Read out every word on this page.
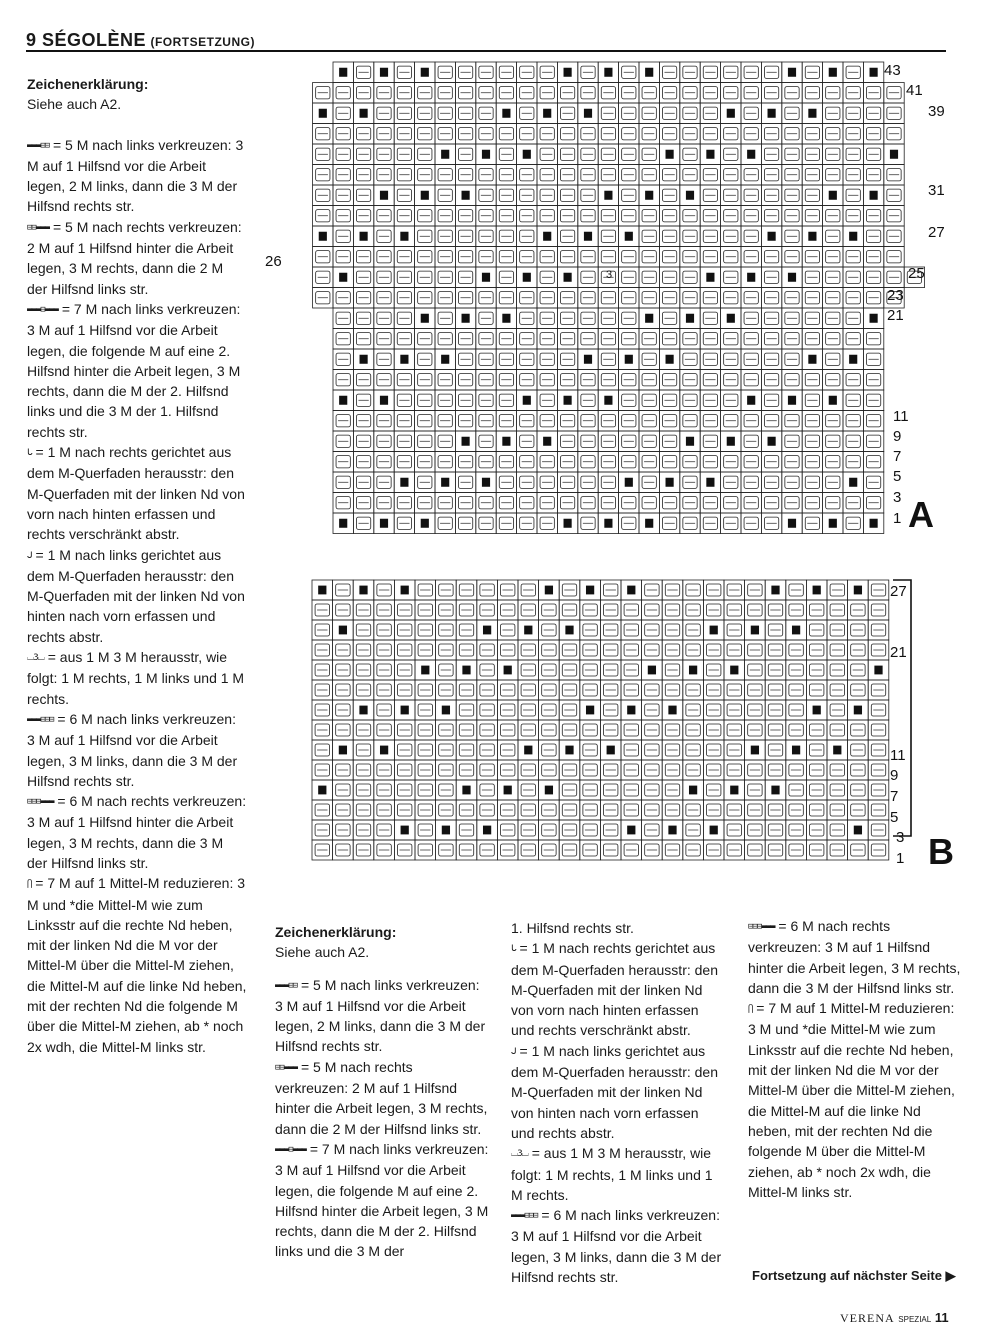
9 SÉGOLÈNE (FORTSETZUNG)

Zeichenerklärung:

Siehe auch A2.

▬▬▬⊟⊟ = 5 M nach links verkreuzen: 3 M auf 1 Hilfsnd vor die Arbeit legen, 2 M links, dann die 3 M der Hilfsnd rechts str.

⊟⊟▬▬▬ = 5 M nach rechts verkreuzen: 2 M auf 1 Hilfsnd hinter die Arbeit legen, 3 M rechts, dann die 2 M der Hilfsnd links str.

▬▬▬⊟▬▬▬ = 7 M nach links verkreuzen: 3 M auf 1 Hilfsnd vor die Arbeit legen, die folgende M auf eine 2. Hilfsnd hinter die Arbeit legen, 3 M rechts, dann die M der 2. Hilfsnd links und die 3 M der 1. Hilfsnd rechts str.

ᒐ = 1 M nach rechts gerichtet aus dem M-Querfaden herausstr: den M-Querfaden mit der linken Nd von vorn nach hinten erfassen und rechts verschränkt abstr.

ᒍ = 1 M nach links gerichtet aus dem M-Querfaden herausstr: den M-Querfaden mit der linken Nd von hinten nach vorn erfassen und rechts abstr.

⌴3⌴ = aus 1 M 3 M herausstr, wie folgt: 1 M rechts, 1 M links und 1 M rechts.

▬▬▬⊟⊟⊟ = 6 M nach links verkreuzen: 3 M auf 1 Hilfsnd vor die Arbeit legen, 3 M links, dann die 3 M der Hilfsnd rechts str.

⊟⊟⊟▬▬▬ = 6 M nach rechts verkreuzen: 3 M auf 1 Hilfsnd hinter die Arbeit legen, 3 M rechts, dann die 3 M der Hilfsnd links str.

⋂ = 7 M auf 1 Mittel-M reduzieren: 3 M und *die Mittel-M wie zum Linksstr auf die rechte Nd heben, mit der linken Nd die M vor der Mittel-M über die Mittel-M ziehen, die Mittel-M auf die linke Nd heben, mit der rechten Nd die folgende M über die Mittel-M ziehen, ab * noch 2x wdh, die Mittel-M links str.

Zeichenerklärung:

Siehe auch A2.

▬▬▬⊟⊟ = 5 M nach links verkreuzen: 3 M auf 1 Hilfsnd vor die Arbeit legen, 2 M links, dann die 3 M der Hilfsnd rechts str.

⊟⊟▬▬▬ = 5 M nach rechts verkreuzen: 2 M auf 1 Hilfsnd hinter die Arbeit legen, 3 M rechts, dann die 2 M der Hilfsnd links str.

▬▬▬⊟▬▬▬ = 7 M nach links verkreuzen: 3 M auf 1 Hilfsnd vor die Arbeit legen, die folgende M auf eine 2. Hilfsnd hinter die Arbeit legen, 3 M rechts, dann die M der 2. Hilfsnd links und die 3 M der

1. Hilfsnd rechts str.

ᒐ = 1 M nach rechts gerichtet aus dem M-Querfaden herausstr: den M-Querfaden mit der linken Nd von vorn nach hinten erfassen und rechts verschränkt abstr.

ᒍ = 1 M nach links gerichtet aus dem M-Querfaden herausstr: den M-Querfaden mit der linken Nd von hinten nach vorn erfassen und rechts abstr.

⌴3⌴ = aus 1 M 3 M herausstr, wie folgt: 1 M rechts, 1 M links und 1 M rechts.

▬▬▬⊟⊟⊟ = 6 M nach links verkreuzen: 3 M auf 1 Hilfsnd vor die Arbeit legen, 3 M links, dann die 3 M der Hilfsnd rechts str.

⊟⊟⊟▬▬▬ = 6 M nach rechts verkreuzen: 3 M auf 1 Hilfsnd hinter die Arbeit legen, 3 M rechts, dann die 3 M der Hilfsnd links str.

⋂ = 7 M auf 1 Mittel-M reduzieren: 3 M und *die Mittel-M wie zum Linksstr auf die rechte Nd heben, mit der linken Nd die M vor der Mittel-M über die Mittel-M ziehen, die Mittel-M auf die linke Nd heben, mit der rechten Nd die folgende M über die Mittel-M ziehen, ab * noch 2x wdh, die Mittel-M links str.

43
41
39
31
27
25
23
21
11
9
7
5
3
1
26
27
21
11
9
7
5
3
1
A
B
3
Fortsetzung auf nächster Seite ▶
VERENA SPEZIAL 11
